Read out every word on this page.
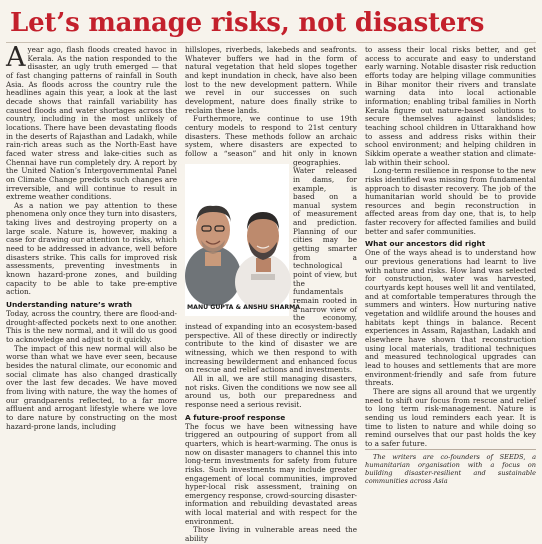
Let’s manage risks, not disasters

Ayear ago, flash floods created havoc in Kerala. As the nation responded to the disaster, an ugly truth emerged — that of fast changing patterns of rainfall in South Asia. As floods across the country rule the headlines again this year, a look at the last decade shows that rainfall variability has caused floods and water shortages across the country, including in the most unlikely of locations. There have been devastating floods in the deserts of Rajasthan and Ladakh, while rain-rich areas such as the North-East have faced water stress and lake-cities such as Chennai have run completely dry. A report by the United Nation’s Intergovernmental Panel on Climate Change predicts such changes are irreversible, and will continue to result in extreme weather conditions.

As a nation we pay attention to these phenomena only once they turn into disasters, taking lives and destroying property on a large scale. Nature is, however, making a case for drawing our attention to risks, which need to be addressed in advance, well before disasters strike. This calls for improved risk assessments, preventing investments in known hazard-prone zones, and building capacity to be able to take pre-emptive action.

Understanding nature’s wrath

Today, across the country, there are flood-and-drought-affected pockets next to one another. This is the new normal, and it will do us good to acknowledge and adjust to it quickly.

The impact of this new normal will also be worse than what we have ever seen, because besides the natural climate, our economic and social climate has also changed drastically over the last few decades. We have moved from living with nature, the way the homes of our grandparents reflected, to a far more affluent and arrogant lifestyle where we love to dare nature by constructing on the most hazard-prone lands, including

hillslopes, riverbeds, lakebeds and seafronts. Whatever buffers we had in the form of natural vegetation that held slopes together and kept inundation in check, have also been lost to the new development pattern. While we revel in our successes on such development, nature does finally strike to reclaim these lands.

Furthermore, we continue to use 19th century models to respond to 21st century disasters. These methods follow an archaic system, where disasters are expected to follow a “season” and hit only in known geographies. Water released in dams, for example, is based on a manual system of measurement and prediction. Planning of our cities may be getting smarter from a technological point of view, but the fundamentals remain rooted in a narrow view of the economy, instead of expanding into an ecosystem-based perspective. All of these directly or indirectly contribute to the kind of disaster we are witnessing, which we then respond to with increasing bewilderment and enhanced focus on rescue and relief actions and investments.

All in all, we are still managing disasters, not risks. Given the conditions we now see all around us, both our preparedness and response need a serious revisit.

A future-proof response

The focus we have been witnessing have triggered an outpouring of support from all quarters, which is heart-warming. The onus is now on disaster managers to channel this into long-term investments for safety from future risks. Such investments may include greater engagement of local communities, improved hyper-local risk assessment, training on emergency response, crowd-sourcing disaster-information and rebuilding devastated areas with local material and with respect for the environment.

Those living in vulnerable areas need the ability

to assess their local risks better, and get access to accurate and easy to understand early warning. Notable disaster risk reduction efforts today are helping village communities in Bihar monitor their rivers and translate warning data into local actionable information; enabling tribal families in North Kerala figure out nature-based solutions to secure themselves against landslides; teaching school children in Uttarakhand how to assess and address risks within their school environment; and helping children in Sikkim operate a weather station and climate-lab within their school.

Long-term resilience in response to the new risks identified was missing from fundamental approach to disaster recovery. The job of the humanitarian world should be to provide resources and begin reconstruction in affected areas from day one, that is, to help faster recovery for affected families and build better and safer communities.

What our ancestors did right

One of the ways ahead is to understand how our previous generations had learnt to live with nature and risks. How land was selected for construction, water was harvested, courtyards kept houses well lit and ventilated, and at comfortable temperatures through the summers and winters. How nurturing native vegetation and wildlife around the houses and habitats kept things in balance. Recent experiences in Assam, Rajasthan, Ladakh and elsewhere have shown that reconstruction using local materials, traditional techniques and measured technological upgrades can lead to houses and settlements that are more environment-friendly and safe from future threats.

There are signs all around that we urgently need to shift our focus from rescue and relief to long term risk-management. Nature is sending us loud reminders each year. It is time to listen to nature and while doing so remind ourselves that our past holds the key to a safer future.

The writers are co-founders of SEEDS, a humanitarian organisation with a focus on building disaster-resilient and sustainable communities across Asia

MANU GUPTA & ANSHU SHARMA
